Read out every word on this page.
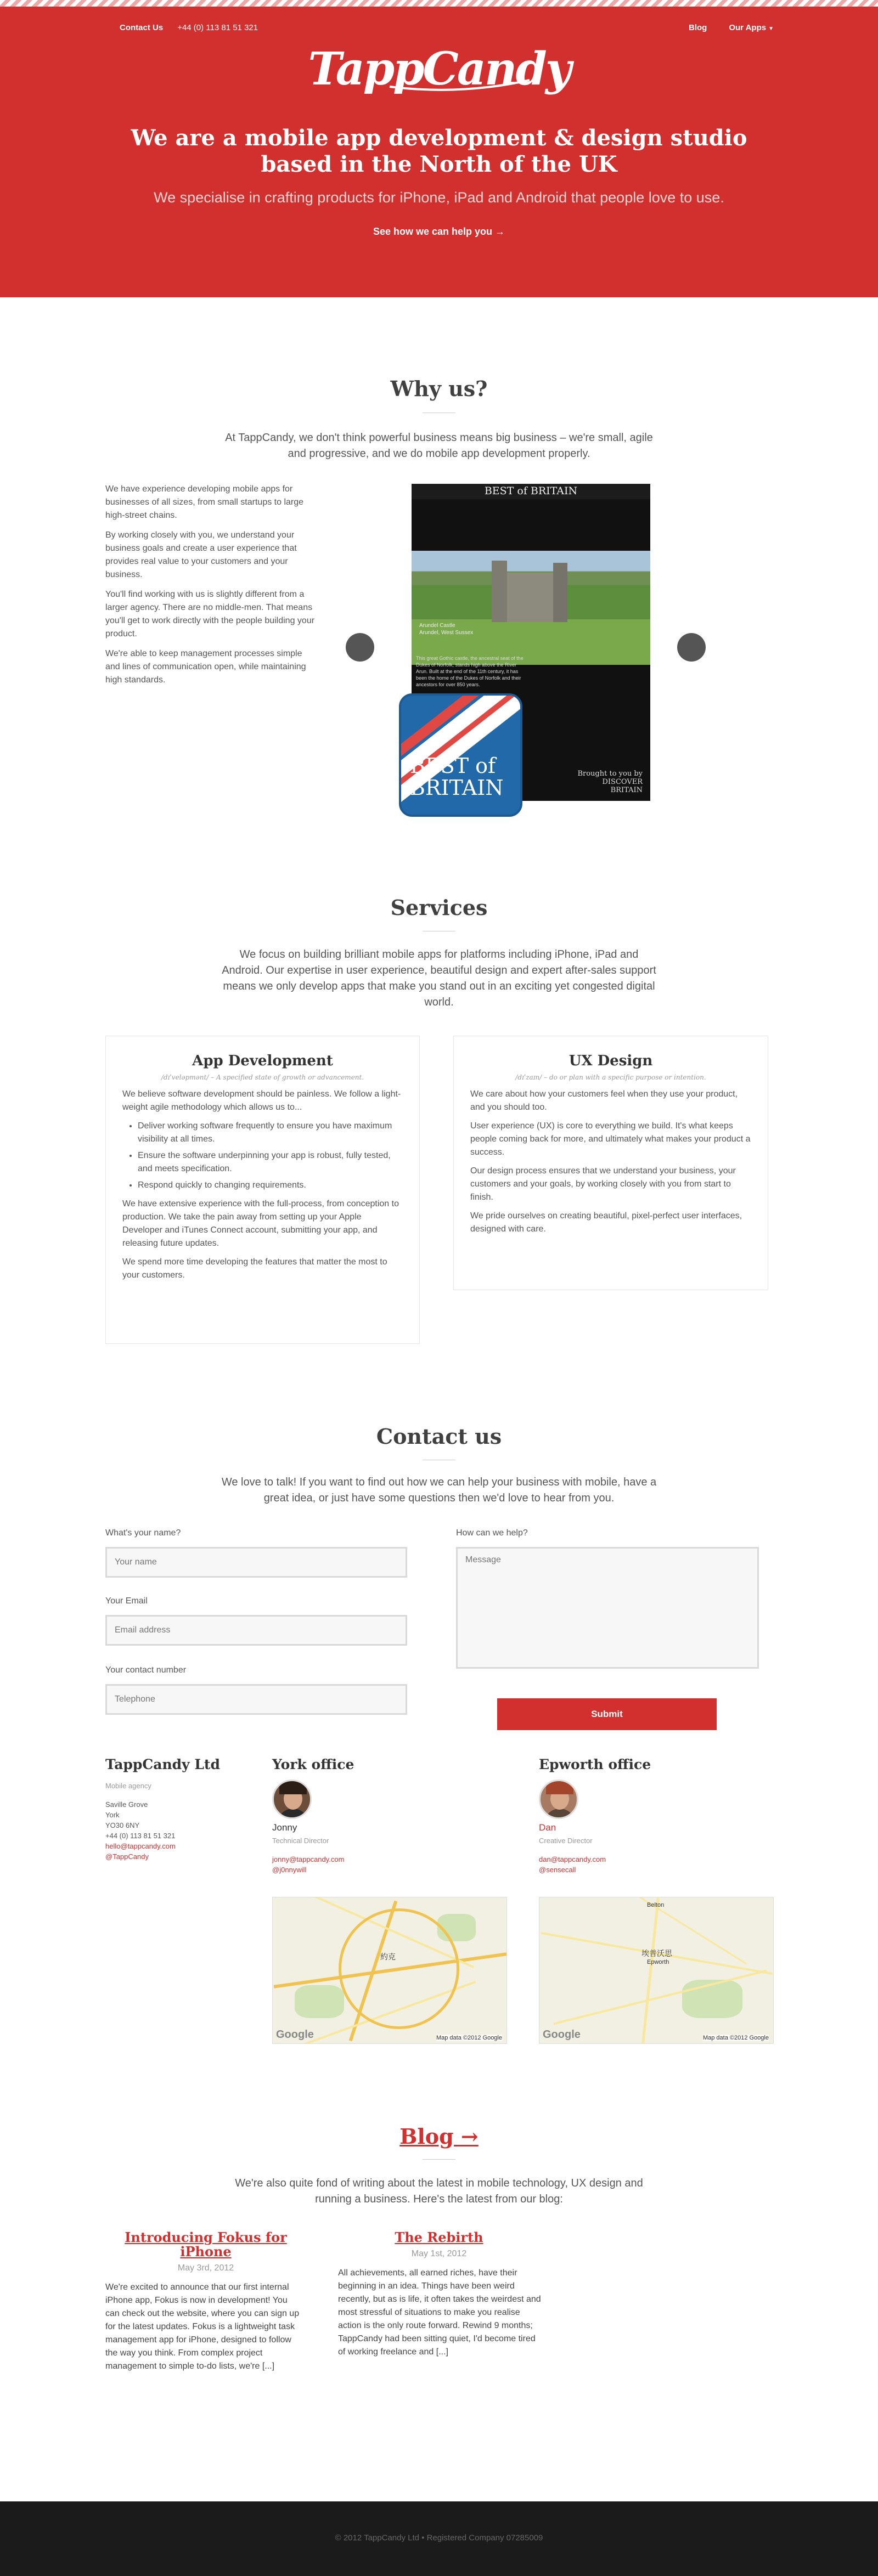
Contact Us +44 (0) 113 81 51 321	Blog	Our Apps ▼
TappCandy
We are a mobile app development & design studio
based in the North of the UK

We specialise in crafting products for iPhone, iPad and Android that people love to use.

See how we can help you →
Why us?

At TappCandy, we don't think powerful business means big business – we're small, agile and progressive, and we do mobile app development properly.

We have experience developing mobile apps for businesses of all sizes, from small startups to large high-street chains.

By working closely with you, we understand your business goals and create a user experience that provides real value to your customers and your business.

You'll find working with us is slightly different from a larger agency. There are no middle-men. That means you'll get to work directly with the people building your product.

We're able to keep management processes simple and lines of communication open, while maintaining high standards.

BEST of BRITAIN
Arundel Castle
Arundel, West Sussex
This great Gothic castle, the ancestral seat of the Dukes of Norfolk, stands high above the River Arun. Built at the end of the 11th century, it has been the home of the Dukes of Norfolk and their ancestors for over 850 years.
Brought to you by
DISCOVER
BRITAIN
BEST of
BRITAIN
Services

We focus on building brilliant mobile apps for platforms including iPhone, iPad and Android. Our expertise in user experience, beautiful design and expert after-sales support means we only develop apps that make you stand out in an exciting yet congested digital world.

App Development
/dɪˈveləpmənt/ – A specified state of growth or advancement.

We believe software development should be painless. We follow a light-weight agile methodology which allows us to...

• Deliver working software frequently to ensure you have maximum visibility at all times.
• Ensure the software underpinning your app is robust, fully tested, and meets specification.
• Respond quickly to changing requirements.

We have extensive experience with the full-process, from conception to production. We take the pain away from setting up your Apple Developer and iTunes Connect account, submitting your app, and releasing future updates.

We spend more time developing the features that matter the most to your customers.

UX Design
/dɪˈzaɪn/ – do or plan with a specific purpose or intention.

We care about how your customers feel when they use your product, and you should too.

User experience (UX) is core to everything we build. It's what keeps people coming back for more, and ultimately what makes your product a success.

Our design process ensures that we understand your business, your customers and your goals, by working closely with you from start to finish.

We pride ourselves on creating beautiful, pixel-perfect user interfaces, designed with care.

Contact us

We love to talk! If you want to find out how we can help your business with mobile, have a great idea, or just have some questions then we'd love to hear from you.

What's your name?
Your name
Your Email
Email address
Your contact number
Telephone
How can we help?
Message
Submit
TappCandy Ltd
Mobile agency
Saville Grove
York
YO30 6NY
+44 (0) 113 81 51 321
hello@tappcandy.com
@TappCandy
York office
Jonny
Technical Director
jonny@tappcandy.com
@j0nnywill
約克
Google	Map data ©2012 Google
Epworth office
Dan
Creative Director
dan@tappcandy.com
@sensecall
Belton
埃普沃思
Epworth
Google	Map data ©2012 Google
Blog →

We're also quite fond of writing about the latest in mobile technology, UX design and running a business. Here's the latest from our blog:

Introducing Fokus for
iPhone
May 3rd, 2012

We're excited to announce that our first internal iPhone app, Fokus is now in development! You can check out the website, where you can sign up for the latest updates. Fokus is a lightweight task management app for iPhone, designed to follow the way you think. From complex project management to simple to-do lists, we're [...]

The Rebirth
May 1st, 2012

All achievements, all earned riches, have their beginning in an idea. Things have been weird recently, but as is life, it often takes the weirdest and most stressful of situations to make you realise action is the only route forward. Rewind 9 months; TappCandy had been sitting quiet, I'd become tired of working freelance and [...]

© 2012 TappCandy Ltd • Registered Company 07285009
